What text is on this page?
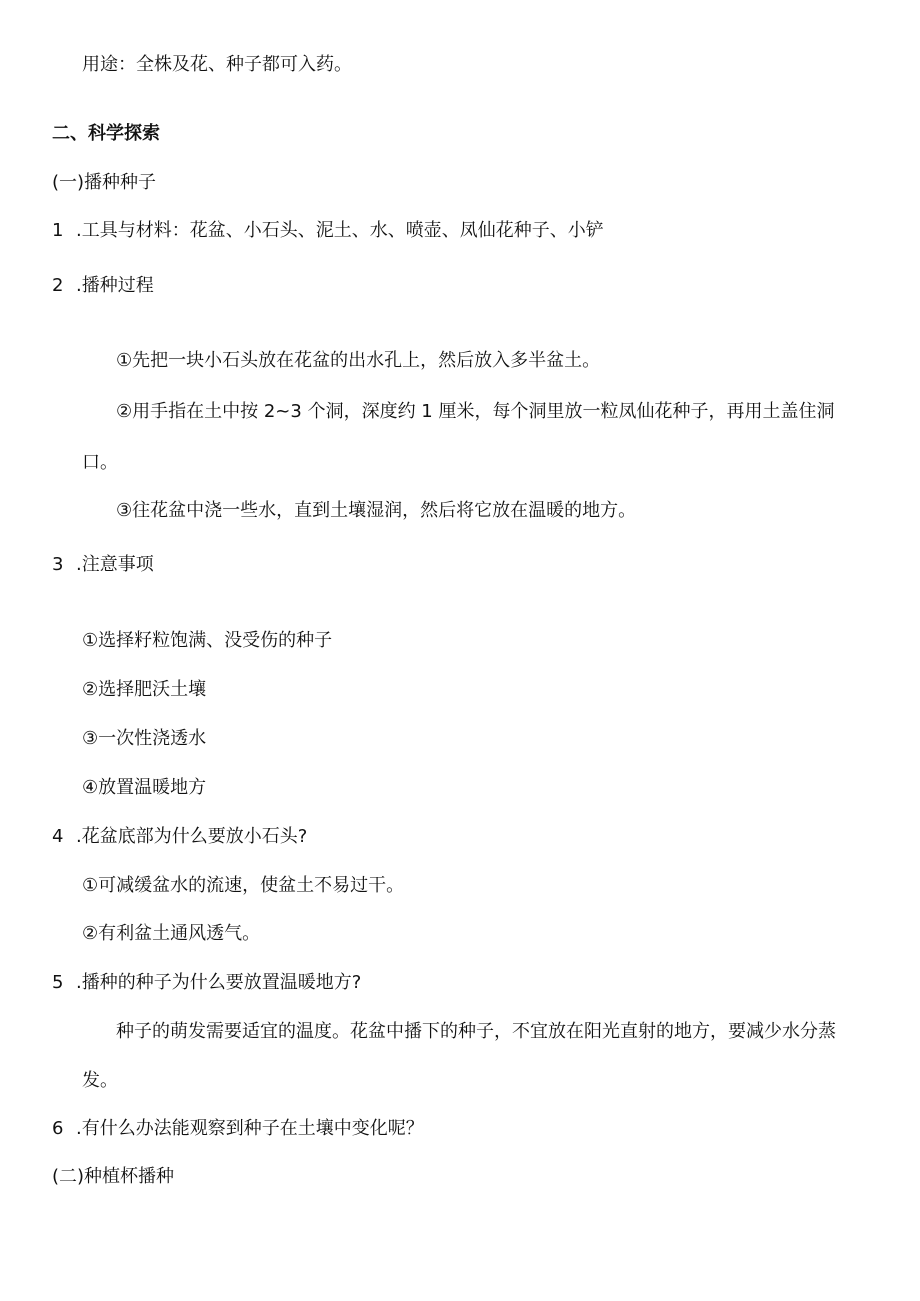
用途：全株及花、种子都可入药。
二、科学探索
(一)播种种子
1 .工具与材料：花盆、小石头、泥土、水、喷壶、凤仙花种子、小铲
2 .播种过程
①先把一块小石头放在花盆的出水孔上，然后放入多半盆土。
②用手指在土中按 2~3 个洞，深度约 1 厘米，每个洞里放一粒凤仙花种子，再用土盖住洞
口。
③往花盆中浇一些水，直到土壤湿润，然后将它放在温暖的地方。
3 .注意事项
①选择籽粒饱满、没受伤的种子
②选择肥沃土壤
③一次性浇透水
④放置温暖地方
4 .花盆底部为什么要放小石头?
①可减缓盆水的流速，使盆土不易过干。
②有利盆土通风透气。
5 .播种的种子为什么要放置温暖地方?
种子的萌发需要适宜的温度。花盆中播下的种子，不宜放在阳光直射的地方，要减少水分蒸
发。
6 .有什么办法能观察到种子在土壤中变化呢？
(二)种植杯播种
